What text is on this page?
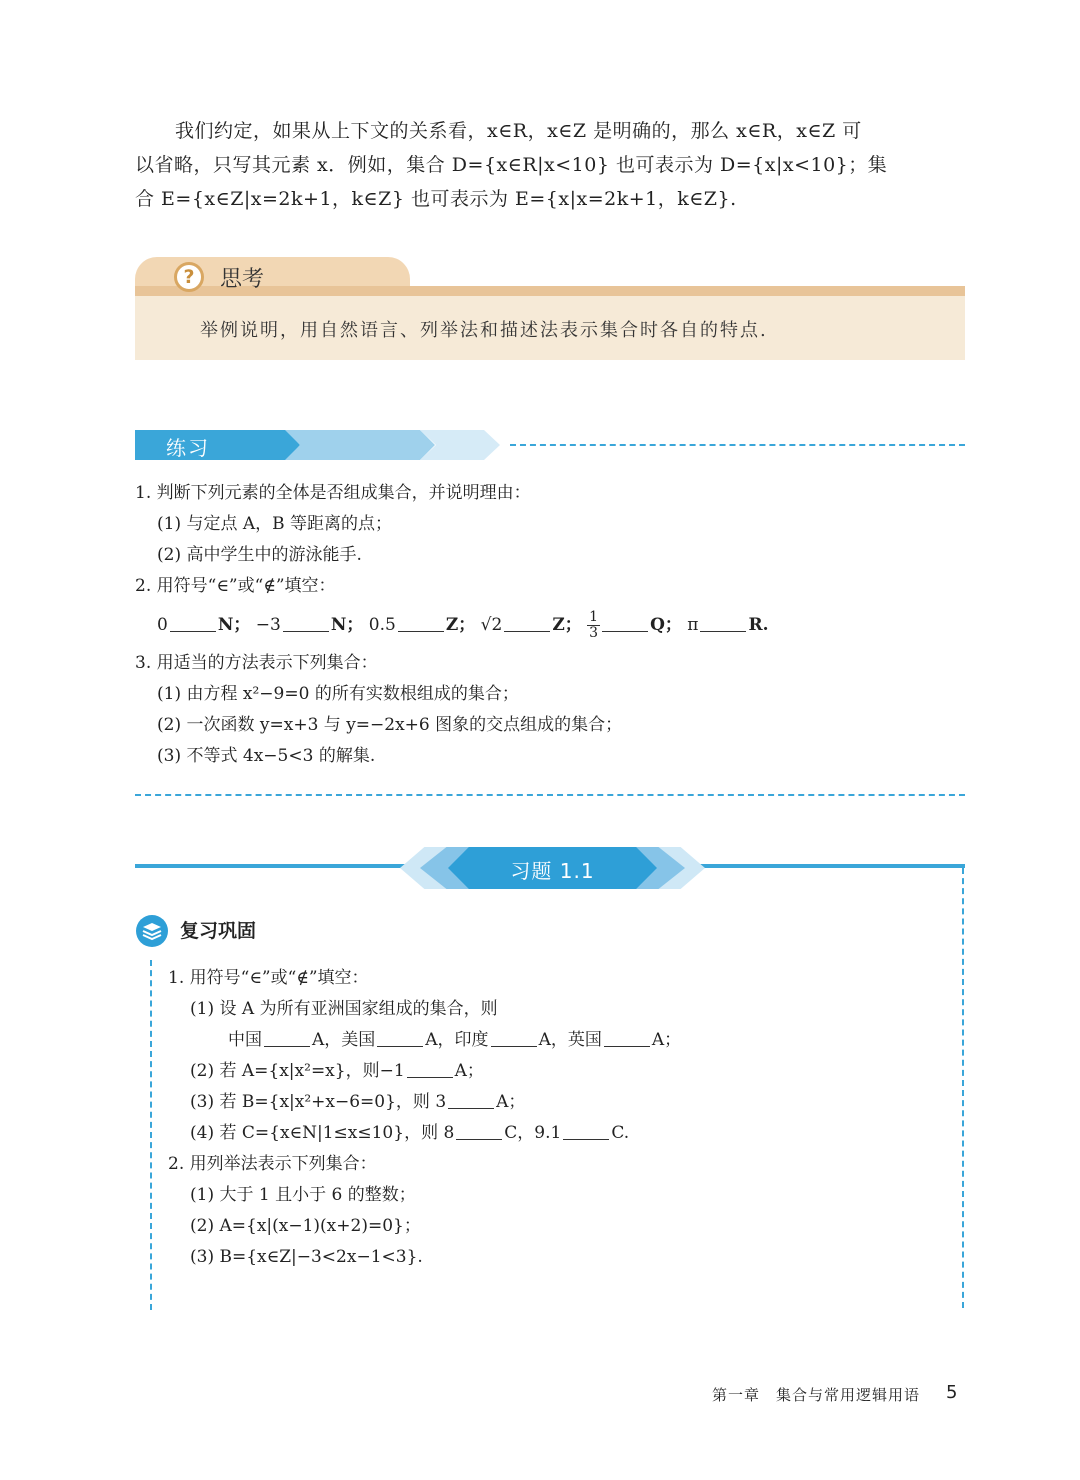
我们约定，如果从上下文的关系看，x∈R，x∈Z 是明确的，那么 x∈R，x∈Z 可

以省略，只写其元素 x．例如，集合 D={x∈R|x<10} 也可表示为 D={x|x<10}；集

合 E={x∈Z|x=2k+1，k∈Z} 也可表示为 E={x|x=2k+1，k∈Z}.

?	思考
举例说明，用自然语言、列举法和描述法表示集合时各自的特点.
练习
1. 判断下列元素的全体是否组成集合，并说明理由：
(1) 与定点 A，B 等距离的点；
(2) 高中学生中的游泳能手.
2. 用符号“∈”或“∉”填空：
0	N； −3	N； 0.5	Z； √2	Z； $\frac{1}{3}$	Q； π	R.
3. 用适当的方法表示下列集合：
(1) 由方程 x²−9=0 的所有实数根组成的集合；
(2) 一次函数 y=x+3 与 y=−2x+6 图象的交点组成的集合；
(3) 不等式 4x−5<3 的解集.
习题 1.1
复习巩固
1. 用符号“∈”或“∉”填空：
(1) 设 A 为所有亚洲国家组成的集合，则
中国	A，美国	A，印度	A，英国	A；
(2) 若 A={x|x²=x}，则−1	A；
(3) 若 B={x|x²+x−6=0}，则 3	A；
(4) 若 C={x∈N|1≤x≤10}，则 8	C，9.1	C.
2. 用列举法表示下列集合：
(1) 大于 1 且小于 6 的整数；
(2) A={x|(x−1)(x+2)=0}；
(3) B={x∈Z|−3<2x−1<3}.
第一章　集合与常用逻辑用语 5
